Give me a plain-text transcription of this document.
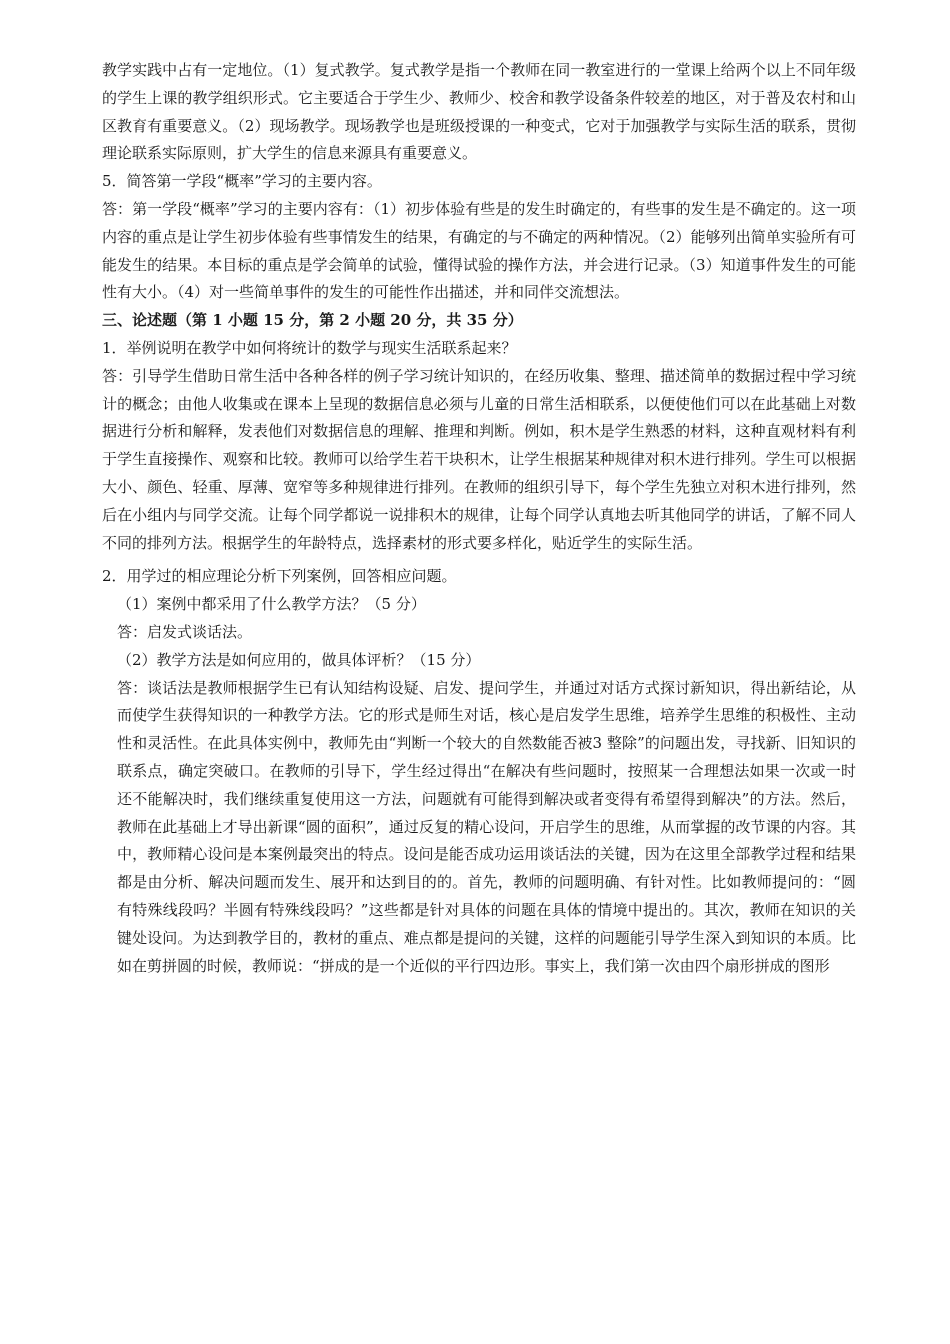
教学实践中占有一定地位。（1）复式教学。复式教学是指一个教师在同一教室进行的一堂课上给两个以上不同年级的学生上课的教学组织形式。它主要适合于学生少、教师少、校舍和教学设备条件较差的地区，对于普及农村和山区教育有重要意义。（2）现场教学。现场教学也是班级授课的一种变式，它对于加强教学与实际生活的联系，贯彻理论联系实际原则，扩大学生的信息来源具有重要意义。

5．简答第一学段“概率”学习的主要内容。

答：第一学段“概率”学习的主要内容有：（1）初步体验有些是的发生时确定的，有些事的发生是不确定的。这一项内容的重点是让学生初步体验有些事情发生的结果，有确定的与不确定的两种情况。（2）能够列出简单实验所有可能发生的结果。本目标的重点是学会简单的试验，懂得试验的操作方法，并会进行记录。（3）知道事件发生的可能性有大小。（4）对一些简单事件的发生的可能性作出描述，并和同伴交流想法。

三、论述题（第 1 小题 15 分，第 2 小题 20 分，共 35 分）

1．举例说明在教学中如何将统计的数学与现实生活联系起来？

答：引导学生借助日常生活中各种各样的例子学习统计知识的，在经历收集、整理、描述简单的数据过程中学习统计的概念；由他人收集或在课本上呈现的数据信息必须与儿童的日常生活相联系，以便使他们可以在此基础上对数据进行分析和解释，发表他们对数据信息的理解、推理和判断。例如，积木是学生熟悉的材料，这种直观材料有利于学生直接操作、观察和比较。教师可以给学生若干块积木，让学生根据某种规律对积木进行排列。学生可以根据大小、颜色、轻重、厚薄、宽窄等多种规律进行排列。在教师的组织引导下，每个学生先独立对积木进行排列，然后在小组内与同学交流。让每个同学都说一说排积木的规律，让每个同学认真地去听其他同学的讲话，了解不同人不同的排列方法。根据学生的年龄特点，选择素材的形式要多样化，贴近学生的实际生活。

2．用学过的相应理论分析下列案例，回答相应问题。

（1）案例中都采用了什么教学方法？（5 分）

答：启发式谈话法。

（2）教学方法是如何应用的，做具体评析？（15 分）

答：谈话法是教师根据学生已有认知结构设疑、启发、提问学生，并通过对话方式探讨新知识，得出新结论，从而使学生获得知识的一种教学方法。它的形式是师生对话，核心是启发学生思维，培养学生思维的积极性、主动性和灵活性。在此具体实例中，教师先由“判断一个较大的自然数能否被3 整除”的问题出发，寻找新、旧知识的联系点，确定突破口。在教师的引导下，学生经过得出“在解决有些问题时，按照某一合理想法如果一次或一时还不能解决时，我们继续重复使用这一方法，问题就有可能得到解决或者变得有希望得到解决”的方法。然后，教师在此基础上才导出新课“圆的面积”，通过反复的精心设问，开启学生的思维，从而掌握的改节课的内容。其中，教师精心设问是本案例最突出的特点。设问是能否成功运用谈话法的关键，因为在这里全部教学过程和结果都是由分析、解决问题而发生、展开和达到目的的。首先，教师的问题明确、有针对性。比如教师提问的：“圆有特殊线段吗？半圆有特殊线段吗？”这些都是针对具体的问题在具体的情境中提出的。其次，教师在知识的关键处设问。为达到教学目的，教材的重点、难点都是提问的关键，这样的问题能引导学生深入到知识的本质。比如在剪拼圆的时候，教师说：“拼成的是一个近似的平行四边形。事实上，我们第一次由四个扇形拼成的图形
